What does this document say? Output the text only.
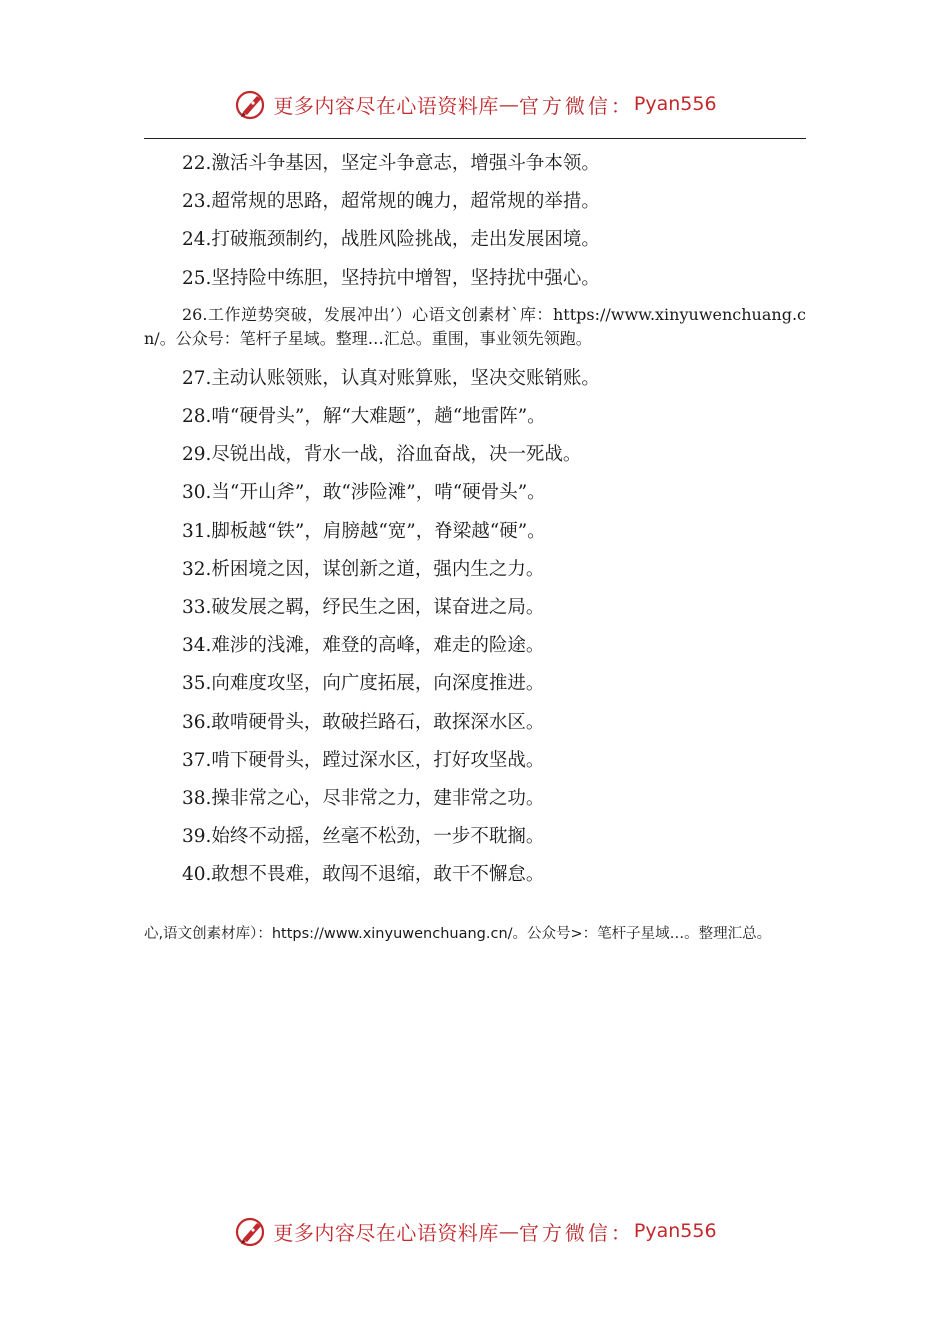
更多内容尽在心语资料库 — 官方微信： Pyan556
22.激活斗争基因，坚定斗争意志，增强斗争本领。
23.超常规的思路，超常规的魄力，超常规的举措。
24.打破瓶颈制约，战胜风险挑战，走出发展困境。
25.坚持险中练胆，坚持抗中增智，坚持扰中强心。
26.工作逆势突破，发展冲出’）心语文创素材`库：https://www.xinyuwenchuang.cn/。公众号：笔杆子星域。整理…汇总。重围，事业领先领跑。
27.主动认账领账，认真对账算账，坚决交账销账。
28.啃“硬骨头”，解“大难题”，趟“地雷阵”。
29.尽锐出战，背水一战，浴血奋战，决一死战。
30.当“开山斧”，敢“涉险滩”，啃“硬骨头”。
31.脚板越“铁”，肩膀越“宽”，脊梁越“硬”。
32.析困境之因，谋创新之道，强内生之力。
33.破发展之羁，纾民生之困，谋奋进之局。
34.难涉的浅滩，难登的高峰，难走的险途。
35.向难度攻坚，向广度拓展，向深度推进。
36.敢啃硬骨头，敢破拦路石，敢探深水区。
37.啃下硬骨头，蹚过深水区，打好攻坚战。
38.操非常之心，尽非常之力，建非常之功。
39.始终不动摇，丝毫不松劲，一步不耽搁。
40.敢想不畏难，敢闯不退缩，敢干不懈怠。
心,语文创素材库）：https://www.xinyuwenchuang.cn/。公众号>：笔杆子星域…。整理汇总。
更多内容尽在心语资料库 — 官方微信： Pyan556
